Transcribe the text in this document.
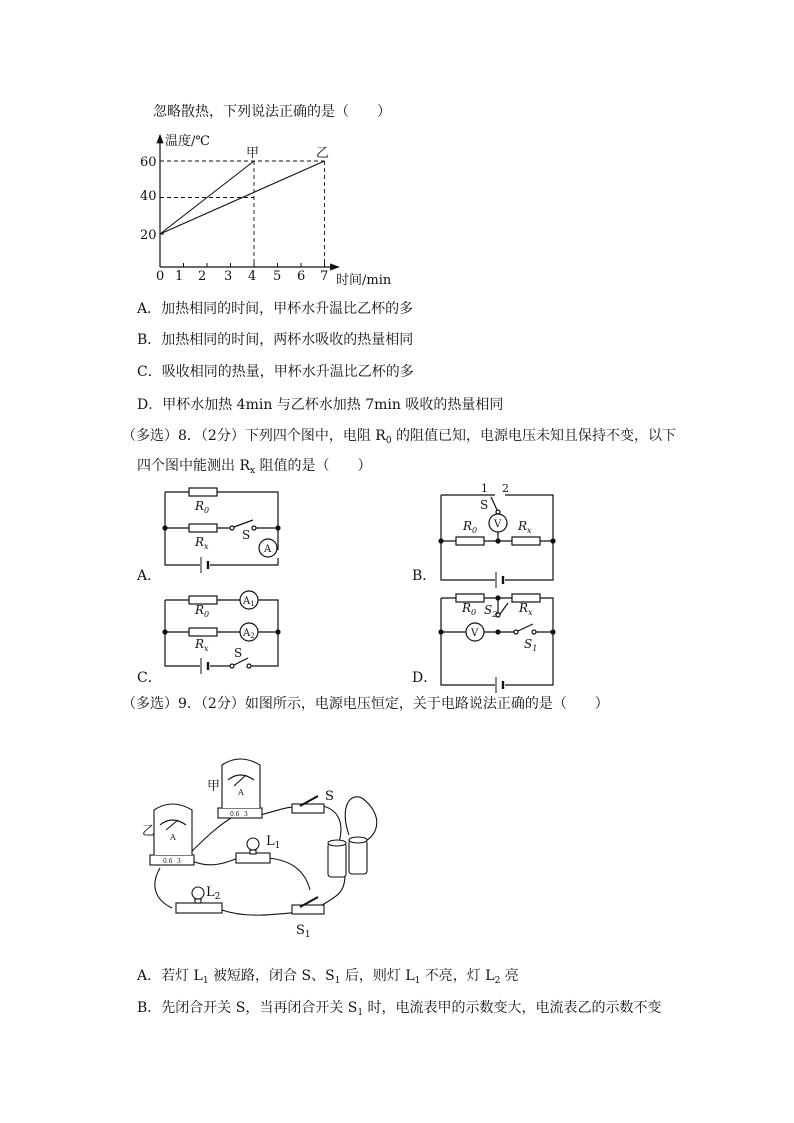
忽略散热，下列说法正确的是（　　）
温度/℃
时间/min
20
40
60
0 1 2 3 4 5 6 7
甲	乙
A．加热相同的时间，甲杯水升温比乙杯的多
B．加热相同的时间，两杯水吸收的热量相同
C．吸收相同的热量，甲杯水升温比乙杯的多
D．甲杯水加热 4min 与乙杯水加热 7min 吸收的热量相同
（多选）8．（2分）下列四个图中，电阻 $R_0$ 的阻值已知，电源电压未知且保持不变，以下
四个图中能测出 $R_x$ 阻值的是（　　）
$R_0$
$R_x$
S
A
1 2
S
V
$R_0$	$R_x$
$R_0$
$R_x$
$A_1$
$A_2$
S
$R_0$	$R_x$
$S_2$
V
$S_1$
A．	B．
C．	D．
（多选）9．（2分）如图所示，电源电压恒定，关于电路说法正确的是（　　）
甲
乙
A
A
0.6 3
0.6 3
S
$L_1$
$L_2$
$S_1$
A．若灯 $L_1$ 被短路，闭合 S、$S_1$ 后，则灯 $L_1$ 不亮，灯 $L_2$ 亮
B．先闭合开关 S，当再闭合开关 $S_1$ 时，电流表甲的示数变大，电流表乙的示数不变
